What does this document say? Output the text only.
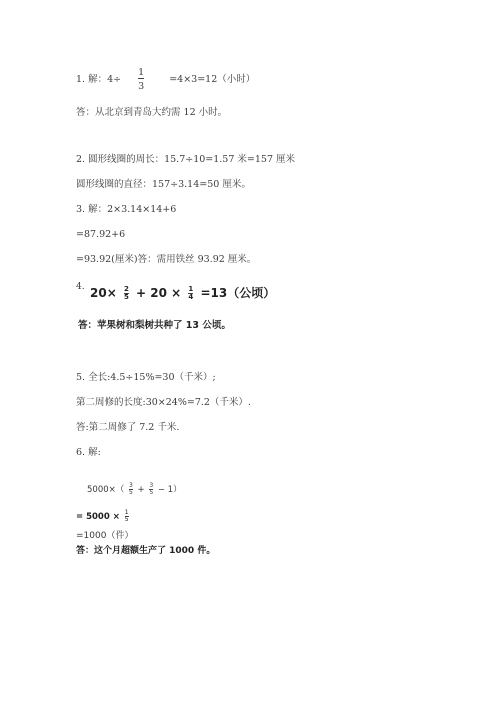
1. 解：$4\div \frac{1}{3}$	=4×3=12（小时）
答：从北京到青岛大约需 12 小时。
2. 圆形线圈的周长：15.7÷10=1.57 米=157 厘米
圆形线圈的直径：157÷3.14=50 厘米。
3. 解：2×3.14×14+6
=87.92+6
=93.92(厘米)答：需用铁丝 93.92 厘米。
4. $20\times \frac{2}{5} + 20 \times \frac{1}{4} =13$（公顷）
答：苹果树和梨树共种了 13 公顷。
5. 全长:4.5÷15%=30（千米）;
第二周修的长度:30×24%=7.2（千米）.
答:第二周修了 7.2 千米.
6. 解:
$5000\times( \frac{3}{5} + \frac{3}{5} - 1)$
= $5000 \times \frac{1}{5}$
=1000（件）
答：这个月超额生产了 1000 件。
